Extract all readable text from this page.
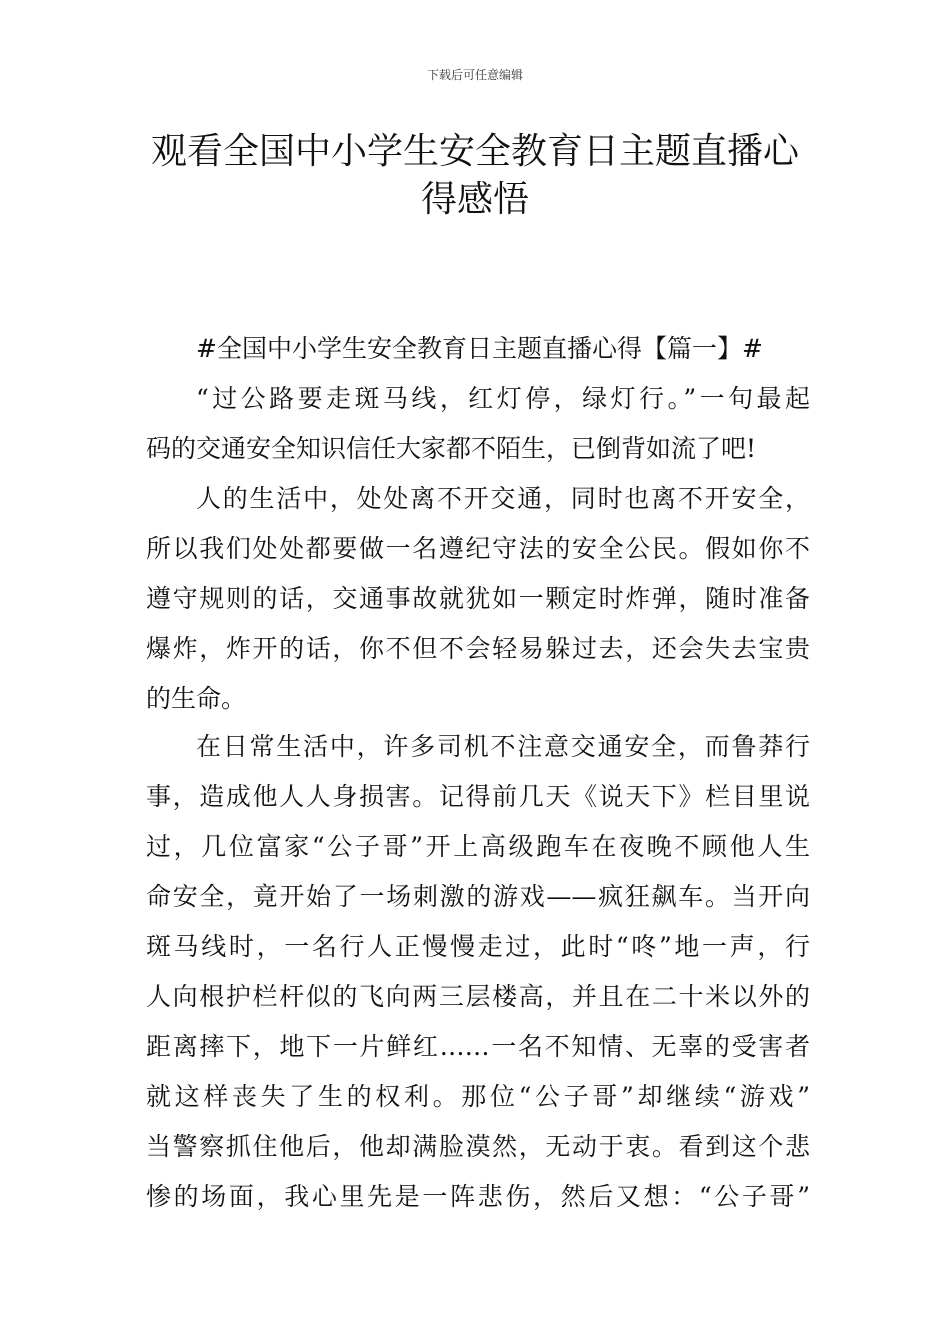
下载后可任意编辑
观看全国中小学生安全教育日主题直播心
得感悟
#全国中小学生安全教育日主题直播心得【篇一】#
“过公路要走斑马线，红灯停，绿灯行。”一句最起
码的交通安全知识信任大家都不陌生，已倒背如流了吧!
人的生活中，处处离不开交通，同时也离不开安全，
所以我们处处都要做一名遵纪守法的安全公民。假如你不
遵守规则的话，交通事故就犹如一颗定时炸弹，随时准备
爆炸，炸开的话，你不但不会轻易躲过去，还会失去宝贵
的生命。
在日常生活中，许多司机不注意交通安全，而鲁莽行
事，造成他人人身损害。记得前几天《说天下》栏目里说
过，几位富家“公子哥”开上高级跑车在夜晚不顾他人生
命安全，竟开始了一场刺激的游戏——疯狂飙车。当开向
斑马线时，一名行人正慢慢走过，此时“咚”地一声，行
人向根护栏杆似的飞向两三层楼高，并且在二十米以外的
距离摔下，地下一片鲜红……一名不知情、无辜的受害者
就这样丧失了生的权利。那位“公子哥”却继续“游戏”
当警察抓住他后，他却满脸漠然，无动于衷。看到这个悲
惨的场面，我心里先是一阵悲伤，然后又想：“公子哥”
